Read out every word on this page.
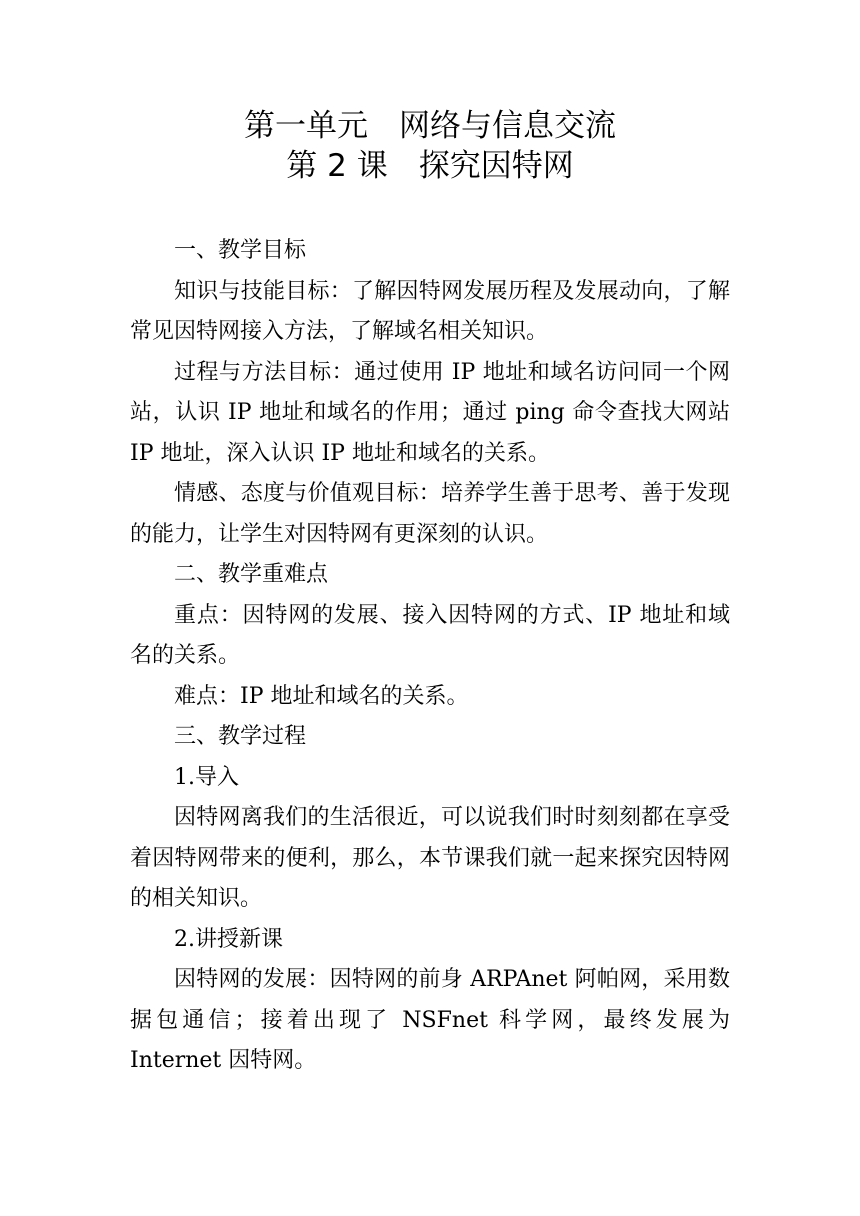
第一单元　网络与信息交流
第 2 课　探究因特网

一、教学目标

知识与技能目标：了解因特网发展历程及发展动向，了解常见因特网接入方法，了解域名相关知识。

过程与方法目标：通过使用 IP 地址和域名访问同一个网站，认识 IP 地址和域名的作用；通过 ping 命令查找大网站 IP 地址，深入认识 IP 地址和域名的关系。

情感、态度与价值观目标：培养学生善于思考、善于发现的能力，让学生对因特网有更深刻的认识。

二、教学重难点

重点：因特网的发展、接入因特网的方式、IP 地址和域名的关系。

难点：IP 地址和域名的关系。

三、教学过程

1.导入

因特网离我们的生活很近，可以说我们时时刻刻都在享受着因特网带来的便利，那么，本节课我们就一起来探究因特网的相关知识。

2.讲授新课

因特网的发展：因特网的前身 ARPAnet 阿帕网，采用数据包通信；接着出现了 NSFnet 科学网，最终发展为 Internet 因特网。
